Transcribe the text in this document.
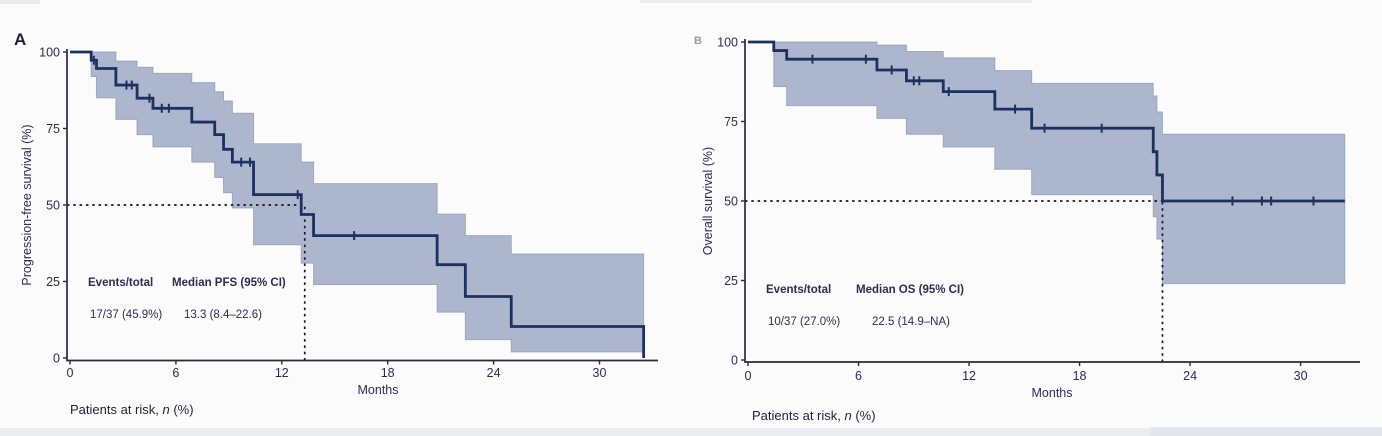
A
Progression-free survival (%)
0	6	12	18	24	30
0
25
50
75
100
Months
Events/total Median PFS (95% CI)
17/37 (45.9%) 13.3 (8.4–22.6)
Patients at risk, n (%)
B
Overall survival (%)
0	6	12	18	24	30
0
25
50
75
100
Months
Events/total Median OS (95% CI)
10/37 (27.0%)	22.5 (14.9–NA)
Patients at risk, n (%)
